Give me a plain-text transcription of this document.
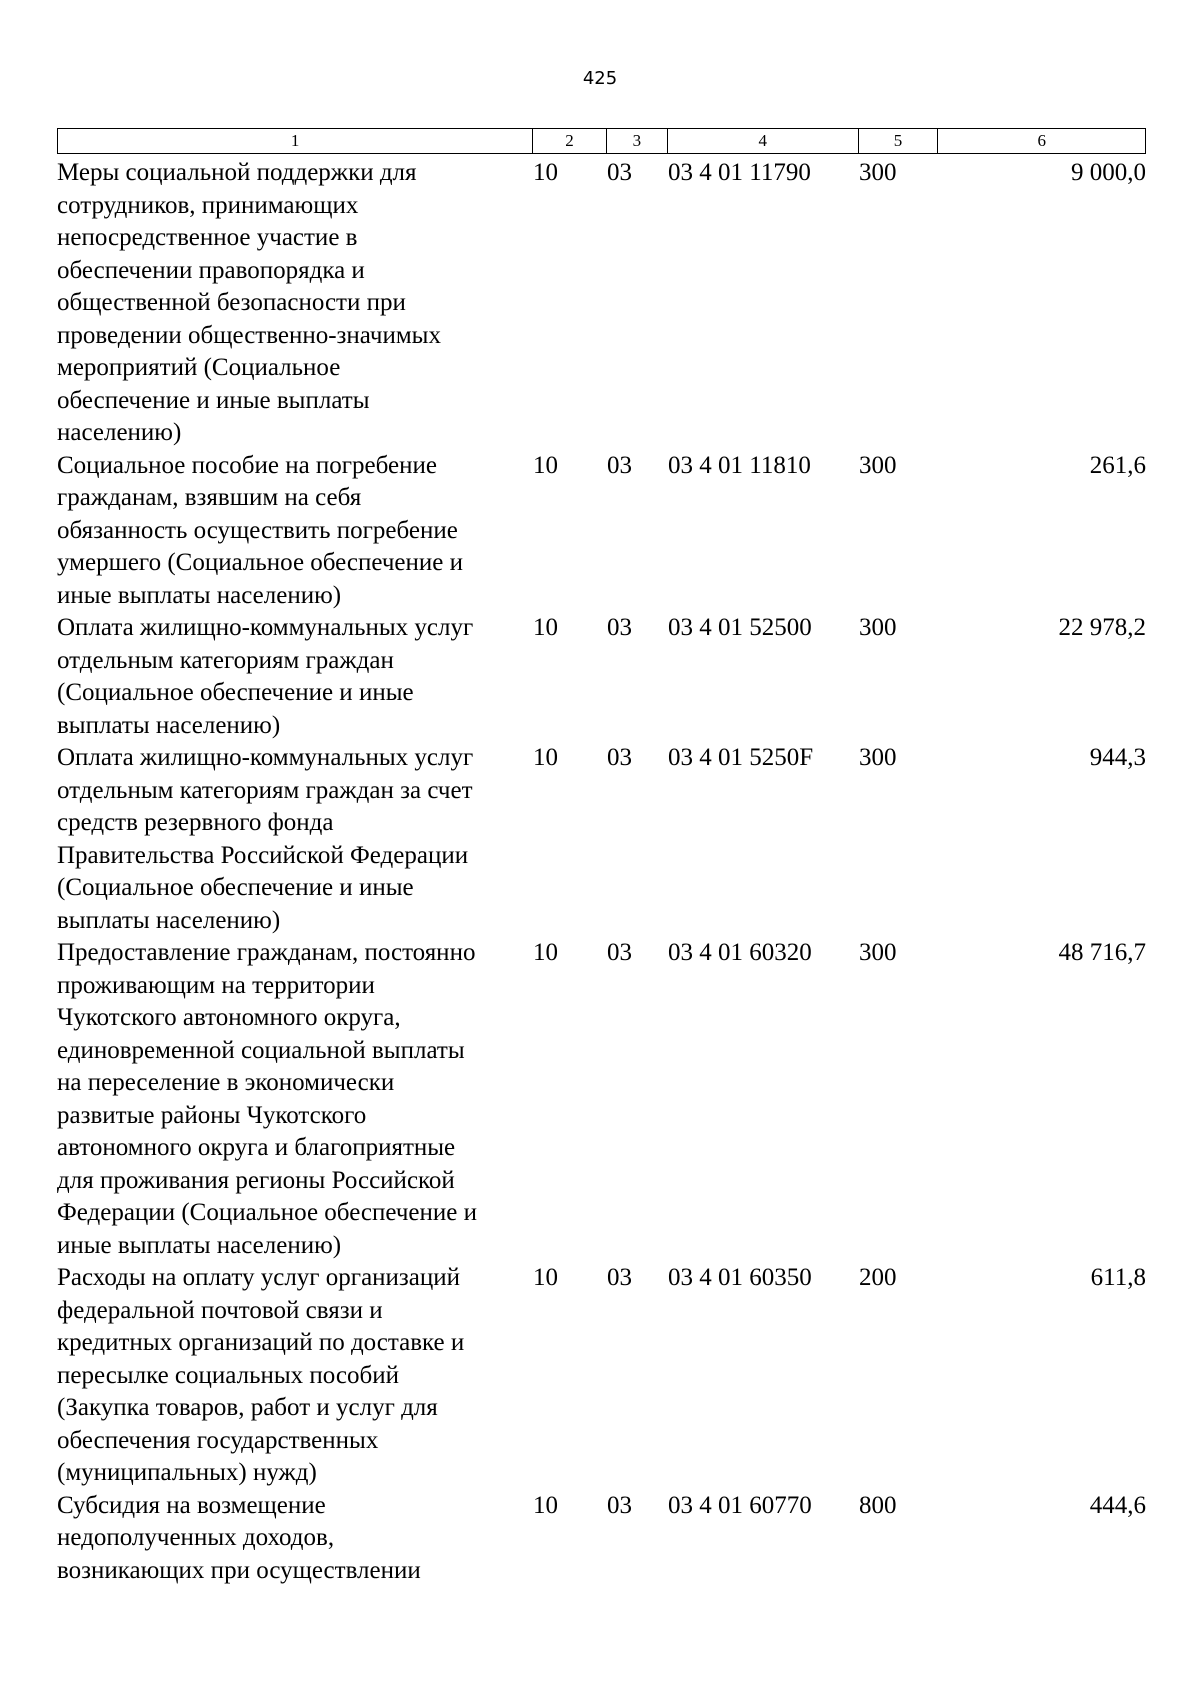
425
1	2	3	4	5	6
Меры социальной поддержки для
сотрудников, принимающих
непосредственное участие в
обеспечении правопорядка и
общественной безопасности при
проведении общественно-значимых
мероприятий (Социальное
обеспечение и иные выплаты
населению)
10	03	03 4 01 11790	300	9 000,0
Социальное пособие на погребение
гражданам, взявшим на себя
обязанность осуществить погребение
умершего (Социальное обеспечение и
иные выплаты населению)
10	03	03 4 01 11810	300	261,6
Оплата жилищно-коммунальных услуг
отдельным категориям граждан
(Социальное обеспечение и иные
выплаты населению)
10	03	03 4 01 52500	300	22 978,2
Оплата жилищно-коммунальных услуг
отдельным категориям граждан за счет
средств резервного фонда
Правительства Российской Федерации
(Социальное обеспечение и иные
выплаты населению)
10	03	03 4 01 5250F	300	944,3
Предоставление гражданам, постоянно
проживающим на территории
Чукотского автономного округа,
единовременной социальной выплаты
на переселение в экономически
развитые районы Чукотского
автономного округа и благоприятные
для проживания регионы Российской
Федерации (Социальное обеспечение и
иные выплаты населению)
10	03	03 4 01 60320	300	48 716,7
Расходы на оплату услуг организаций
федеральной почтовой связи и
кредитных организаций по доставке и
пересылке социальных пособий
(Закупка товаров, работ и услуг для
обеспечения государственных
(муниципальных) нужд)
10	03	03 4 01 60350	200	611,8
Субсидия на возмещение
недополученных доходов,
возникающих при осуществлении
10	03	03 4 01 60770	800	444,6
